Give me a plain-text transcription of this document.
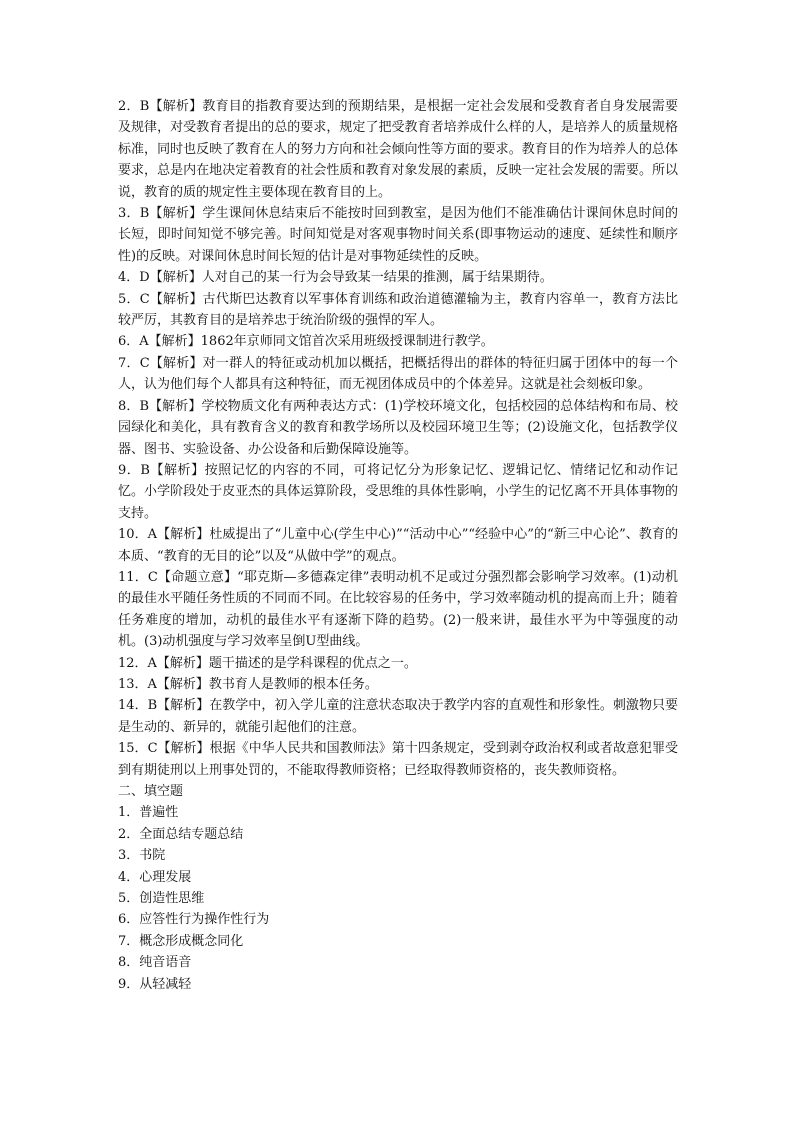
2．B【解析】教育目的指教育要达到的预期结果，是根据一定社会发展和受教育者自身发展需要及规律，对受教育者提出的总的要求，规定了把受教育者培养成什么样的人，是培养人的质量规格标准，同时也反映了教育在人的努力方向和社会倾向性等方面的要求。教育目的作为培养人的总体要求，总是内在地决定着教育的社会性质和教育对象发展的素质，反映一定社会发展的需要。所以说，教育的质的规定性主要体现在教育目的上。

3．B【解析】学生课间休息结束后不能按时回到教室，是因为他们不能准确估计课间休息时间的长短，即时间知觉不够完善。时间知觉是对客观事物时间关系(即事物运动的速度、延续性和顺序性)的反映。对课间休息时间长短的估计是对事物延续性的反映。

4．D【解析】人对自己的某一行为会导致某一结果的推测，属于结果期待。

5．C【解析】古代斯巴达教育以军事体育训练和政治道德灌输为主，教育内容单一，教育方法比较严厉，其教育目的是培养忠于统治阶级的强悍的军人。

6．A【解析】1862年京师同文馆首次采用班级授课制进行教学。

7．C【解析】对一群人的特征或动机加以概括，把概括得出的群体的特征归属于团体中的每一个人，认为他们每个人都具有这种特征，而无视团体成员中的个体差异。这就是社会刻板印象。

8．B【解析】学校物质文化有两种表达方式：(1)学校环境文化，包括校园的总体结构和布局、校园绿化和美化，具有教育含义的教育和教学场所以及校园环境卫生等；(2)设施文化，包括教学仪器、图书、实验设备、办公设备和后勤保障设施等。

9．B【解析】按照记忆的内容的不同，可将记忆分为形象记忆、逻辑记忆、情绪记忆和动作记忆。小学阶段处于皮亚杰的具体运算阶段，受思维的具体性影响，小学生的记忆离不开具体事物的支持。

10．A【解析】杜威提出了“儿童中心(学生中心)”“活动中心”“经验中心”的“新三中心论”、教育的本质、“教育的无目的论”以及“从做中学”的观点。

11．C【命题立意】“耶克斯—多德森定律”表明动机不足或过分强烈都会影响学习效率。(1)动机的最佳水平随任务性质的不同而不同。在比较容易的任务中，学习效率随动机的提高而上升；随着任务难度的增加，动机的最佳水平有逐渐下降的趋势。(2)一般来讲，最佳水平为中等强度的动机。(3)动机强度与学习效率呈倒U型曲线。

12．A【解析】题干描述的是学科课程的优点之一。

13．A【解析】教书育人是教师的根本任务。

14．B【解析】在教学中，初入学儿童的注意状态取决于教学内容的直观性和形象性。刺激物只要是生动的、新异的，就能引起他们的注意。

15．C【解析】根据《中华人民共和国教师法》第十四条规定，受到剥夺政治权利或者故意犯罪受到有期徒刑以上刑事处罚的，不能取得教师资格；已经取得教师资格的，丧失教师资格。

二、填空题

1．普遍性

2．全面总结专题总结

3．书院

4．心理发展

5．创造性思维

6．应答性行为操作性行为

7．概念形成概念同化

8．纯音语音

9．从轻减轻
